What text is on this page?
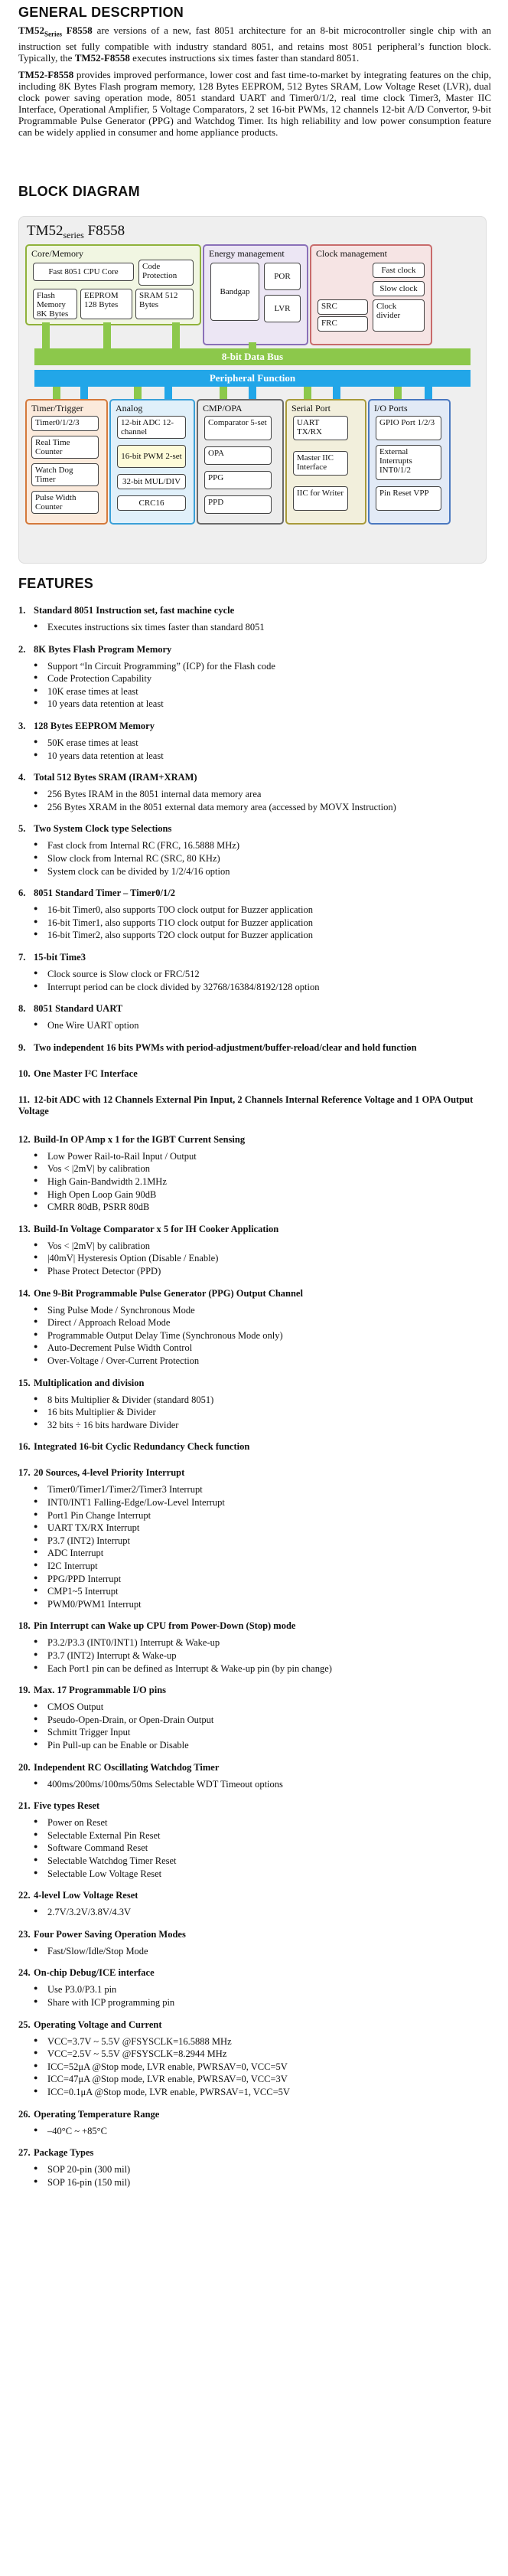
GENERAL DESCRPTION

$TM52_{Series}$ F8558 are versions of a new, fast 8051 architecture for an 8-bit microcontroller single chip with an instruction set fully compatible with industry standard 8051, and retains most 8051 peripheral’s function block. Typically, the TM52-F8558 executes instructions six times faster than standard 8051.

TM52-F8558 provides improved performance, lower cost and fast time-to-market by integrating features on the chip, including 8K Bytes Flash program memory, 128 Bytes EEPROM, 512 Bytes SRAM, Low Voltage Reset (LVR), dual clock power saving operation mode, 8051 standard UART and Timer0/1/2, real time clock Timer3, Master IIC Interface, Operational Amplifier, 5 Voltage Comparators, 2 set 16-bit PWMs, 12 channels 12-bit A/D Convertor, 9-bit Programmable Pulse Generator (PPG) and Watchdog Timer. Its high reliability and low power consumption feature can be widely applied in consumer and home appliance products.

BLOCK DIAGRAM
$TM52_{series}$ F8558
Core/Memory
Fast 8051 CPU Core
Code Protection
Flash Memory 8K Bytes
EEPROM 128 Bytes
SRAM 512 Bytes
Energy management
Bandgap
POR
LVR
Clock management
Fast clock
Slow clock
SRC
FRC
Clock divider
8-bit Data Bus
Peripheral Function
Timer/Trigger
Timer0/1/2/3
Real Time Counter
Watch Dog Timer
Pulse Width Counter
Analog
12-bit ADC 12-channel
16-bit PWM 2-set
32-bit MUL/DIV
CRC16
CMP/OPA
Comparator 5-set
OPA
PPG
PPD
Serial Port
UART TX/RX
Master IIC Interface
IIC for Writer
I/O Ports
GPIO Port 1/2/3
External Interrupts INT0/1/2
Pin Reset VPP
FEATURES

1. Standard 8051 Instruction set, fast machine cycle

● Executes instructions six times faster than standard 8051

2. 8K Bytes Flash Program Memory

● Support “In Circuit Programming” (ICP) for the Flash code

● Code Protection Capability

● 10K erase times at least

● 10 years data retention at least

3. 128 Bytes EEPROM Memory

● 50K erase times at least

● 10 years data retention at least

4. Total 512 Bytes SRAM (IRAM+XRAM)

● 256 Bytes IRAM in the 8051 internal data memory area

● 256 Bytes XRAM in the 8051 external data memory area (accessed by MOVX Instruction)

5. Two System Clock type Selections

● Fast clock from Internal RC (FRC, 16.5888 MHz)

● Slow clock from Internal RC (SRC, 80 KHz)

● System clock can be divided by 1/2/4/16 option

6. 8051 Standard Timer – Timer0/1/2

● 16-bit Timer0, also supports T0O clock output for Buzzer application

● 16-bit Timer1, also supports T1O clock output for Buzzer application

● 16-bit Timer2, also supports T2O clock output for Buzzer application

7. 15-bit Time3

● Clock source is Slow clock or FRC/512

● Interrupt period can be clock divided by 32768/16384/8192/128 option

8. 8051 Standard UART

● One Wire UART option

9. Two independent 16 bits PWMs with period-adjustment/buffer-reload/clear and hold function

10. One Master I²C Interface

11. 12-bit ADC with 12 Channels External Pin Input, 2 Channels Internal Reference Voltage and 1 OPA Output Voltage

12. Build-In OP Amp x 1 for the IGBT Current Sensing

● Low Power Rail-to-Rail Input / Output

● Vos < |2mV| by calibration

● High Gain-Bandwidth 2.1MHz

● High Open Loop Gain 90dB

● CMRR 80dB, PSRR 80dB

13. Build-In Voltage Comparator x 5 for IH Cooker Application

● Vos < |2mV| by calibration

● |40mV| Hysteresis Option (Disable / Enable)

● Phase Protect Detector (PPD)

14. One 9-Bit Programmable Pulse Generator (PPG) Output Channel

● Sing Pulse Mode / Synchronous Mode

● Direct / Approach Reload Mode

● Programmable Output Delay Time (Synchronous Mode only)

● Auto-Decrement Pulse Width Control

● Over-Voltage / Over-Current Protection

15. Multiplication and division

● 8 bits Multiplier & Divider (standard 8051)

● 16 bits Multiplier & Divider

● 32 bits ÷ 16 bits hardware Divider

16. Integrated 16-bit Cyclic Redundancy Check function

17. 20 Sources, 4-level Priority Interrupt

● Timer0/Timer1/Timer2/Timer3 Interrupt

● INT0/INT1 Falling-Edge/Low-Level Interrupt

● Port1 Pin Change Interrupt

● UART TX/RX Interrupt

● P3.7 (INT2) Interrupt

● ADC Interrupt

● I2C Interrupt

● PPG/PPD Interrupt

● CMP1~5 Interrupt

● PWM0/PWM1 Interrupt

18. Pin Interrupt can Wake up CPU from Power-Down (Stop) mode

● P3.2/P3.3 (INT0/INT1) Interrupt & Wake-up

● P3.7 (INT2) Interrupt & Wake-up

● Each Port1 pin can be defined as Interrupt & Wake-up pin (by pin change)

19. Max. 17 Programmable I/O pins

● CMOS Output

● Pseudo-Open-Drain, or Open-Drain Output

● Schmitt Trigger Input

● Pin Pull-up can be Enable or Disable

20. Independent RC Oscillating Watchdog Timer

● 400ms/200ms/100ms/50ms Selectable WDT Timeout options

21. Five types Reset

● Power on Reset

● Selectable External Pin Reset

● Software Command Reset

● Selectable Watchdog Timer Reset

● Selectable Low Voltage Reset

22. 4-level Low Voltage Reset

● 2.7V/3.2V/3.8V/4.3V

23. Four Power Saving Operation Modes

● Fast/Slow/Idle/Stop Mode

24. On-chip Debug/ICE interface

● Use P3.0/P3.1 pin

● Share with ICP programming pin

25. Operating Voltage and Current

● VCC=3.7V ~ 5.5V @FSYSCLK=16.5888 MHz

● VCC=2.5V ~ 5.5V @FSYSCLK=8.2944 MHz

● ICC=52μA @Stop mode, LVR enable, PWRSAV=0, VCC=5V

● ICC=47μA @Stop mode, LVR enable, PWRSAV=0, VCC=3V

● ICC=0.1μA @Stop mode, LVR enable, PWRSAV=1, VCC=5V

26. Operating Temperature Range

● –40°C ~ +85°C

27. Package Types

● SOP 20-pin (300 mil)

● SOP 16-pin (150 mil)
